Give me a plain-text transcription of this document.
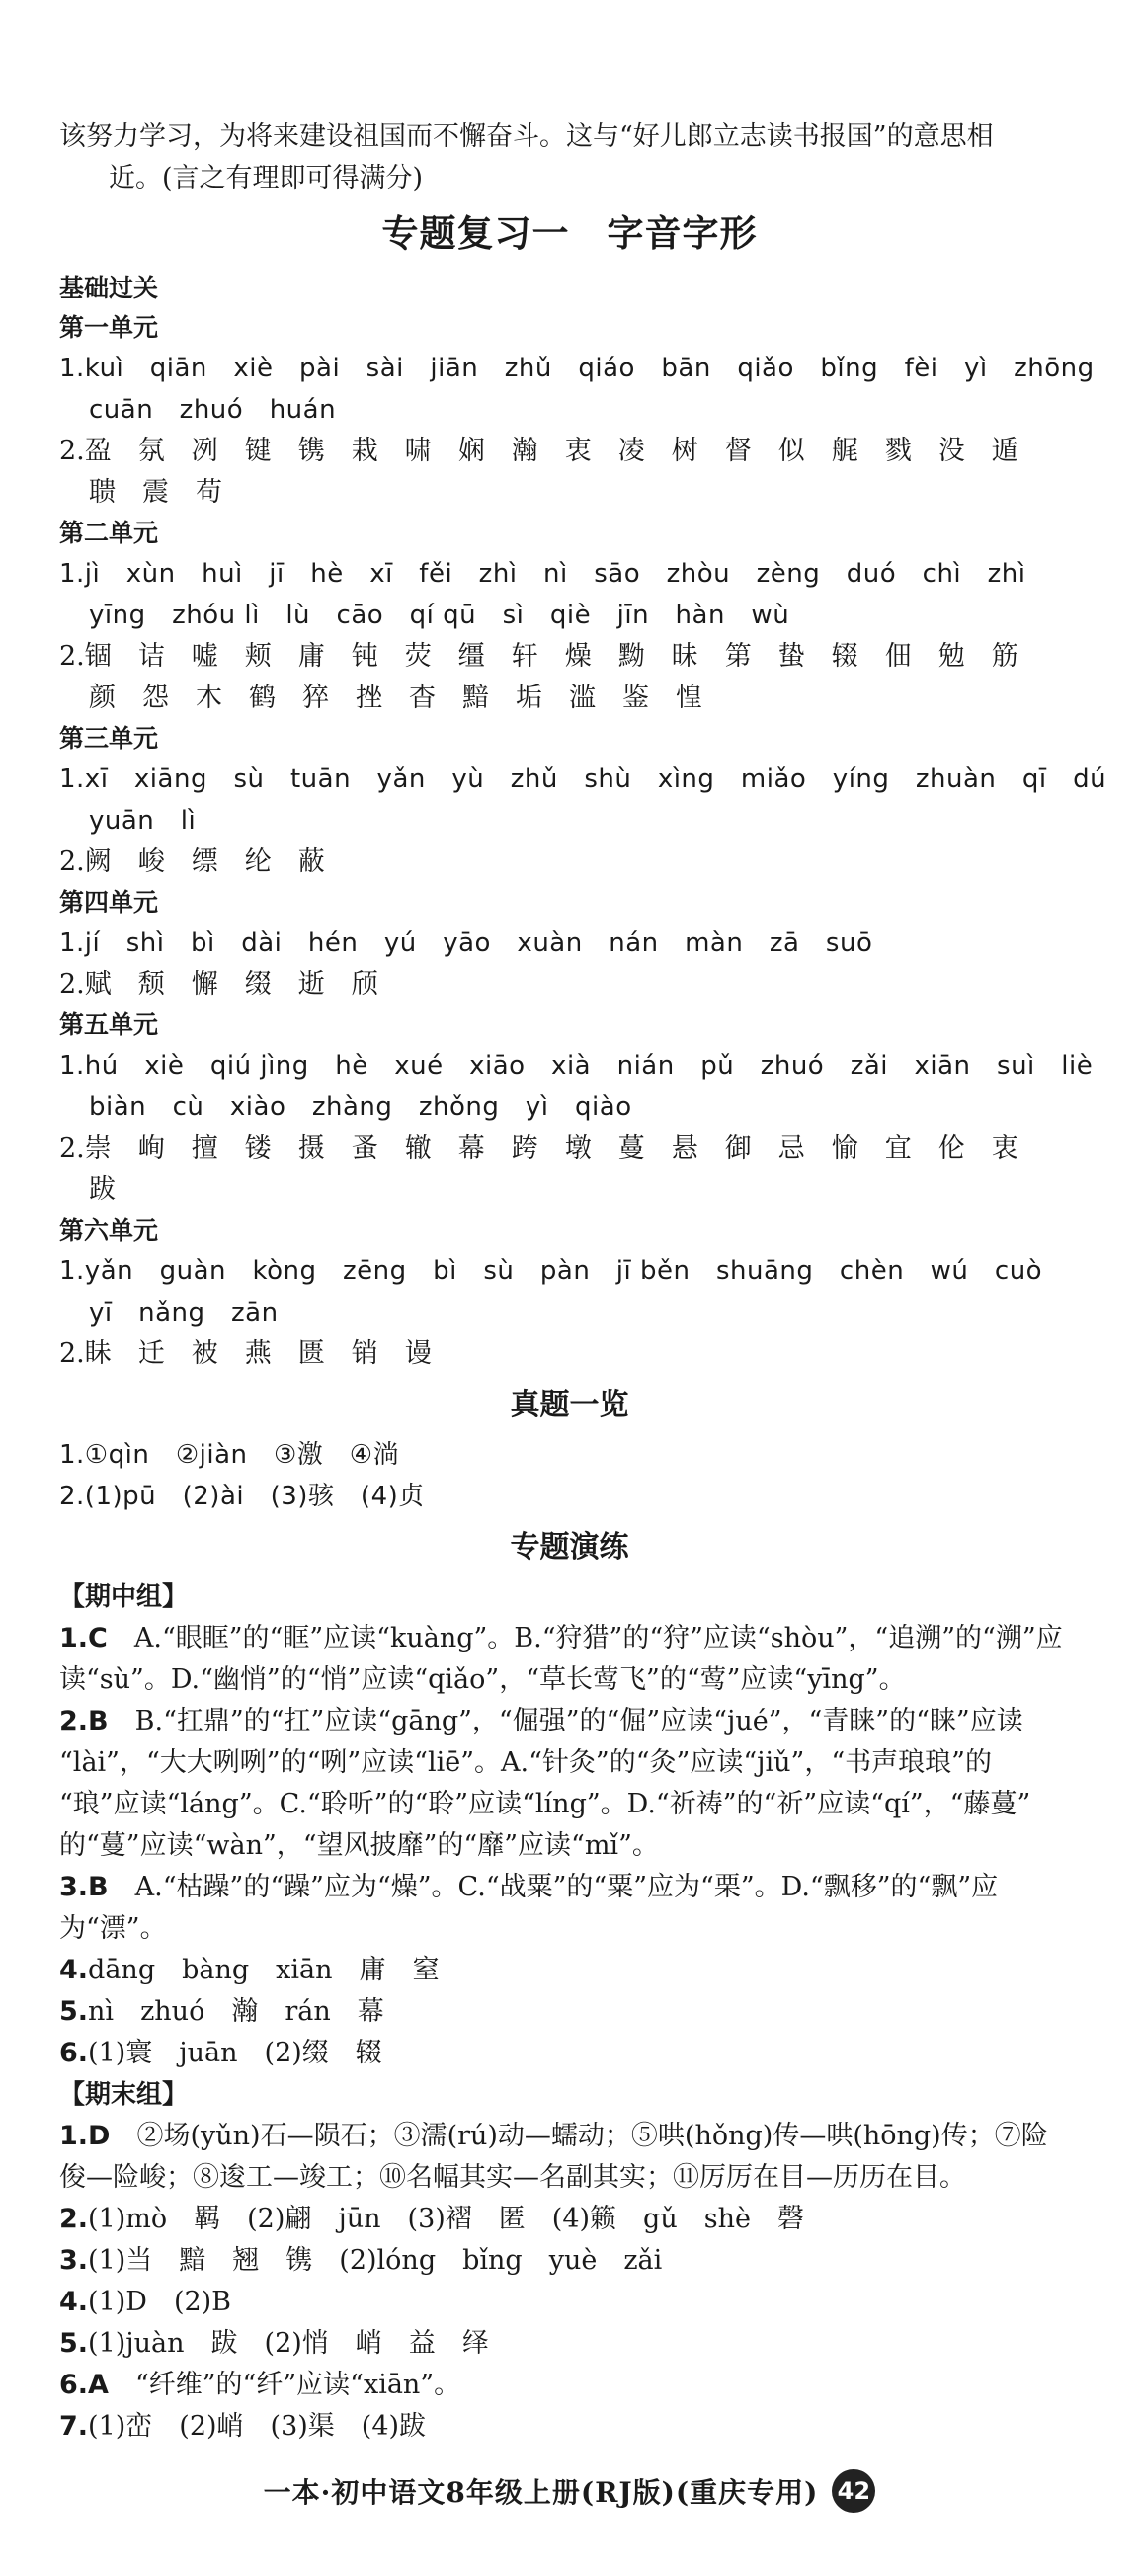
该努力学习，为将来建设祖国而不懈奋斗。这与“好儿郎立志读书报国”的意思相
近。(言之有理即可得满分)
专题复习一　字音字形
基础过关
第一单元
1.kuì　qiān　xiè　pài　sài　jiān　zhǔ　qiáo　bān　qiǎo　bǐng　fèi　yì　zhōng
cuān　zhuó　huán
2.盈　氛　冽　键　镌　栽　啸　娴　瀚　衷　凌　树　督　似　艉　戮　没　遁
聩　震　苟
第二单元
1.jì　xùn　huì　jī　hè　xī　fěi　zhì　nì　sāo　zhòu　zèng　duó　chì　zhì
yīng　zhóu lì　lù　cāo　qí qū　sì　qiè　jīn　hàn　wù
2.锢　诘　嘘　颊　庸　钝　荧　缰　轩　燥　黝　昧　第　蛰　辍　佃　勉　筋
颜　怨　木　鹤　猝　挫　杳　黯　垢　滥　鉴　惶
第三单元
1.xī　xiāng　sù　tuān　yǎn　yù　zhǔ　shù　xìng　miǎo　yíng　zhuàn　qī　dú
yuān　lì
2.阙　峻　缥　纶　蔽
第四单元
1.jí　shì　bì　dài　hén　yú　yāo　xuàn　nán　màn　zā　suō
2.赋　颓　懈　缀　逝　颀
第五单元
1.hú　xiè　qiú jìng　hè　xué　xiāo　xià　nián　pǔ　zhuó　zǎi　xiān　suì　liè
biàn　cù　xiào　zhàng　zhǒng　yì　qiào
2.崇　峋　擅　镂　摄　蚤　辙　幕　跨　墩　蔓　悬　御　忌　愉　宜　伦　衷
跋
第六单元
1.yǎn　guàn　kòng　zēng　bì　sù　pàn　jī běn　shuāng　chèn　wú　cuò
yī　nǎng　zān
2.眛　迁　被　燕　匮　销　谩
真题一览
1.①qìn　②jiàn　③激　④淌
2.(1)pū　(2)ài　(3)骇　(4)贞
专题演练
【期中组】
1.C　A.“眼眶”的“眶”应读“kuàng”。B.“狩猎”的“狩”应读“shòu”，“追溯”的“溯”应
读“sù”。D.“幽悄”的“悄”应读“qiǎo”，“草长莺飞”的“莺”应读“yīng”。
2.B　B.“扛鼎”的“扛”应读“gāng”，“倔强”的“倔”应读“jué”，“青睐”的“睐”应读
“lài”，“大大咧咧”的“咧”应读“liē”。A.“针灸”的“灸”应读“jiǔ”，“书声琅琅”的
“琅”应读“láng”。C.“聆听”的“聆”应读“líng”。D.“祈祷”的“祈”应读“qí”，“藤蔓”
的“蔓”应读“wàn”，“望风披靡”的“靡”应读“mǐ”。
3.B　A.“枯躁”的“躁”应为“燥”。C.“战粟”的“粟”应为“栗”。D.“飘移”的“飘”应
为“漂”。
4.dāng　bàng　xiān　庸　窒
5.nì　zhuó　瀚　rán　幕
6.(1)寰　juān　(2)缀　辍
【期末组】
1.D　②场(yǔn)石—陨石；③濡(rú)动—蠕动；⑤哄(hǒng)传—哄(hōng)传；⑦险
俊—险峻；⑧逡工—竣工；⑩名幅其实—名副其实；⑪厉厉在目—历历在目。
2.(1)mò　羁　(2)翩　jūn　(3)褶　匿　(4)籁　gǔ　shè　磬
3.(1)当　黯　翘　镌　(2)lóng　bǐng　yuè　zǎi
4.(1)D　(2)B
5.(1)juàn　跋　(2)悄　峭　益　绎
6.A　“纤维”的“纤”应读“xiān”。
7.(1)峦　(2)峭　(3)渠　(4)跋
一本·初中语文8年级上册(RJ版)(重庆专用) 42
